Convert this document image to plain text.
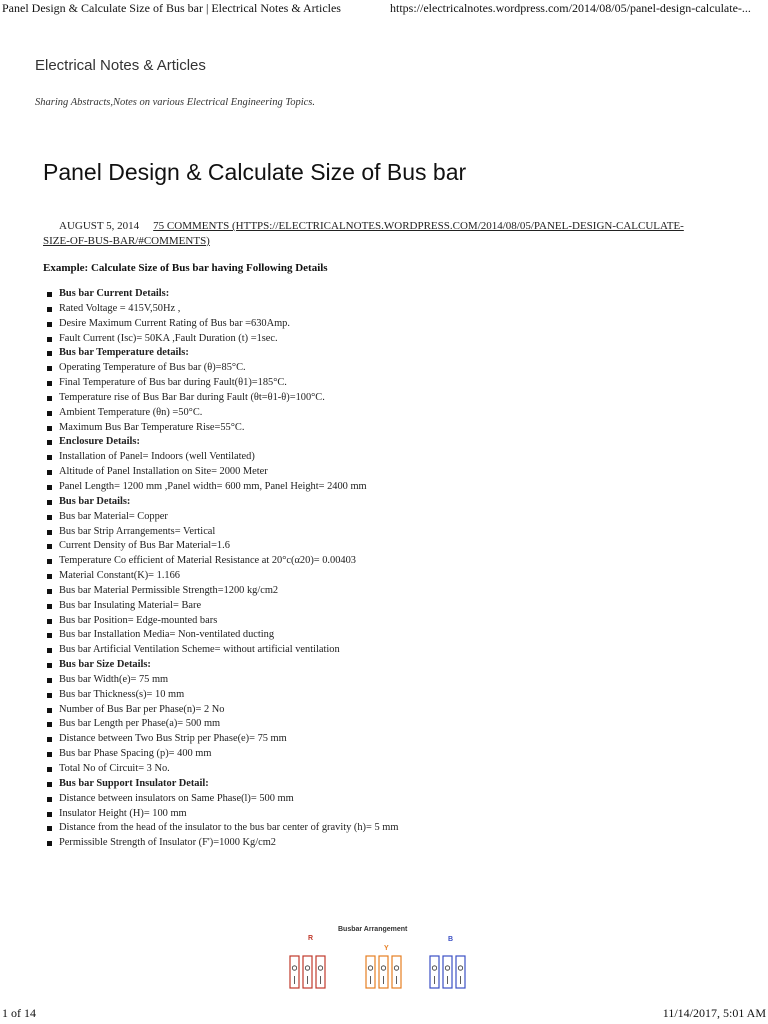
Panel Design & Calculate Size of Bus bar | Electrical Notes & Articles	https://electricalnotes.wordpress.com/2014/08/05/panel-design-calculate-...
Electrical Notes & Articles
Sharing Abstracts,Notes on various Electrical Engineering Topics.
Panel Design & Calculate Size of Bus bar
AUGUST 5, 2014 75 COMMENTS (HTTPS://ELECTRICALNOTES.WORDPRESS.COM/2014/08/05/PANEL-DESIGN-CALCULATE-SIZE-OF-BUS-BAR/#COMMENTS)
Example: Calculate Size of Bus bar having Following Details
Bus bar Current Details:
Rated Voltage = 415V,50Hz ,
Desire Maximum Current Rating of Bus bar =630Amp.
Fault Current (Isc)= 50KA ,Fault Duration (t) =1sec.
Bus bar Temperature details:
Operating Temperature of Bus bar (θ)=85°C.
Final Temperature of Bus bar during Fault(θ1)=185°C.
Temperature rise of Bus Bar Bar during Fault (θt=θ1-θ)=100°C.
Ambient Temperature (θn) =50°C.
Maximum Bus Bar Temperature Rise=55°C.
Enclosure Details:
Installation of Panel= Indoors (well Ventilated)
Altitude of Panel Installation on Site= 2000 Meter
Panel Length= 1200 mm ,Panel width= 600 mm, Panel Height= 2400 mm
Bus bar Details:
Bus bar Material= Copper
Bus bar Strip Arrangements= Vertical
Current Density of Bus Bar Material=1.6
Temperature Co efficient of Material Resistance at 20°c(α20)= 0.00403
Material Constant(K)= 1.166
Bus bar Material Permissible Strength=1200 kg/cm2
Bus bar Insulating Material= Bare
Bus bar Position= Edge-mounted bars
Bus bar Installation Media= Non-ventilated ducting
Bus bar Artificial Ventilation Scheme= without artificial ventilation
Bus bar Size Details:
Bus bar Width(e)= 75 mm
Bus bar Thickness(s)= 10 mm
Number of Bus Bar per Phase(n)= 2 No
Bus bar Length per Phase(a)= 500 mm
Distance between Two Bus Strip per Phase(e)= 75 mm
Bus bar Phase Spacing (p)= 400 mm
Total No of Circuit= 3 No.
Bus bar Support Insulator Detail:
Distance between insulators on Same Phase(l)= 500 mm
Insulator Height (H)= 100 mm
Distance from the head of the insulator to the bus bar center of gravity (h)= 5 mm
Permissible Strength of Insulator (F')=1000 Kg/cm2
Busbar Arrangement
R
Y
B
1 of 14	11/14/2017, 5:01 AM
